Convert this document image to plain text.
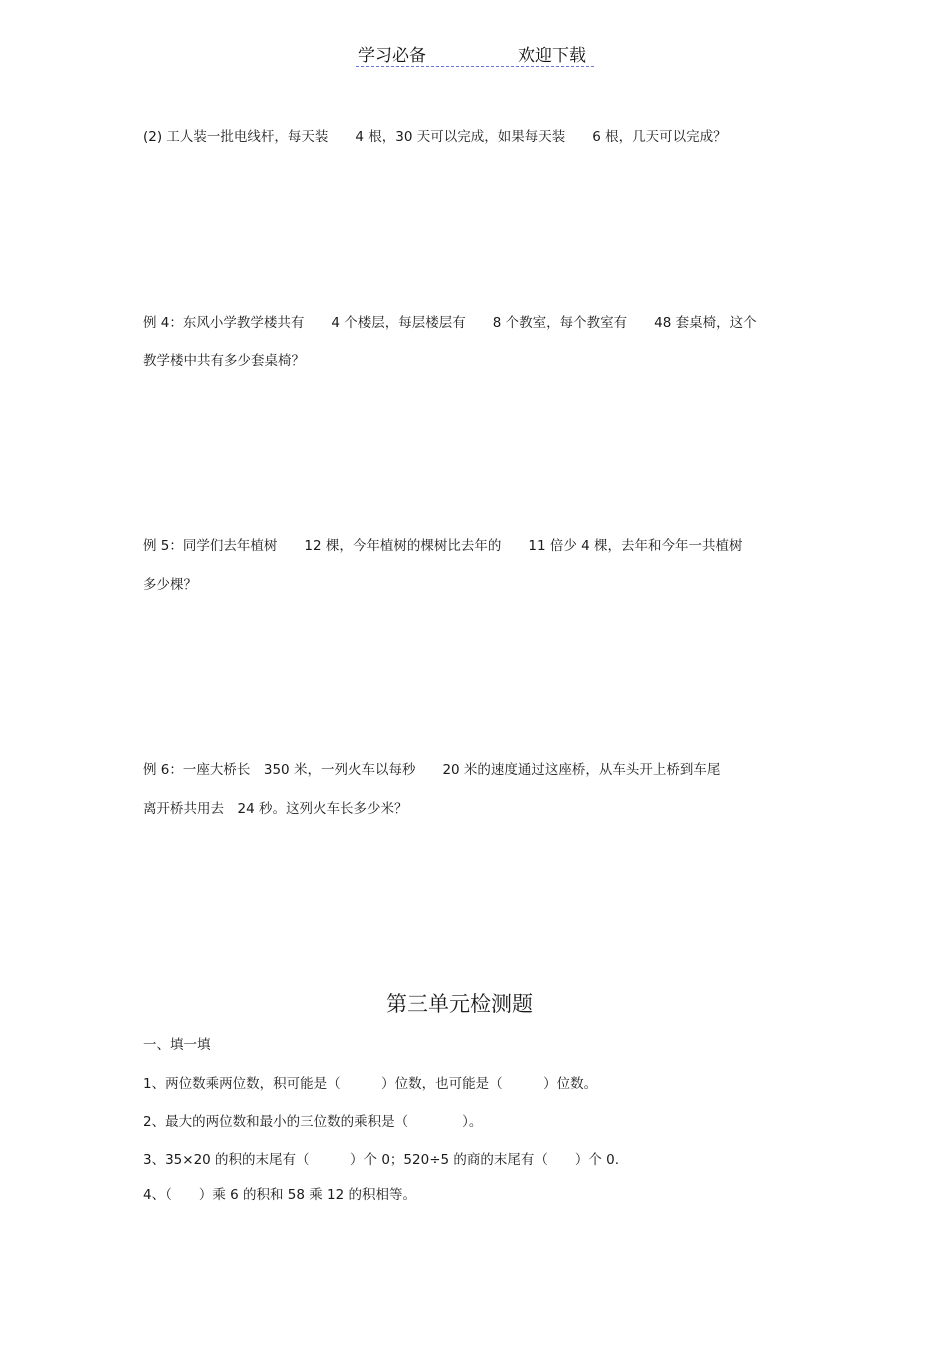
学习必备	欢迎下载
(2) 工人装一批电线杆，每天装　　4 根，30 天可以完成，如果每天装　　6 根，几天可以完成？
例 4：东风小学教学楼共有　　4 个楼层，每层楼层有　　8 个教室，每个教室有　　48 套桌椅，这个
教学楼中共有多少套桌椅？
例 5：同学们去年植树　　12 棵，今年植树的棵树比去年的　　11 倍少 4 棵，去年和今年一共植树
多少棵？
例 6：一座大桥长　350 米，一列火车以每秒　　20 米的速度通过这座桥，从车头开上桥到车尾
离开桥共用去　24 秒。这列火车长多少米？
第三单元检测题
一、填一填
1、两位数乘两位数，积可能是（　　　）位数，也可能是（　　　）位数。
2、最大的两位数和最小的三位数的乘积是（　　　　）。
3、35×20 的积的末尾有（　　　）个 0；520÷5 的商的末尾有（　　）个 0.
4、（　　）乘 6 的积和 58 乘 12 的积相等。
